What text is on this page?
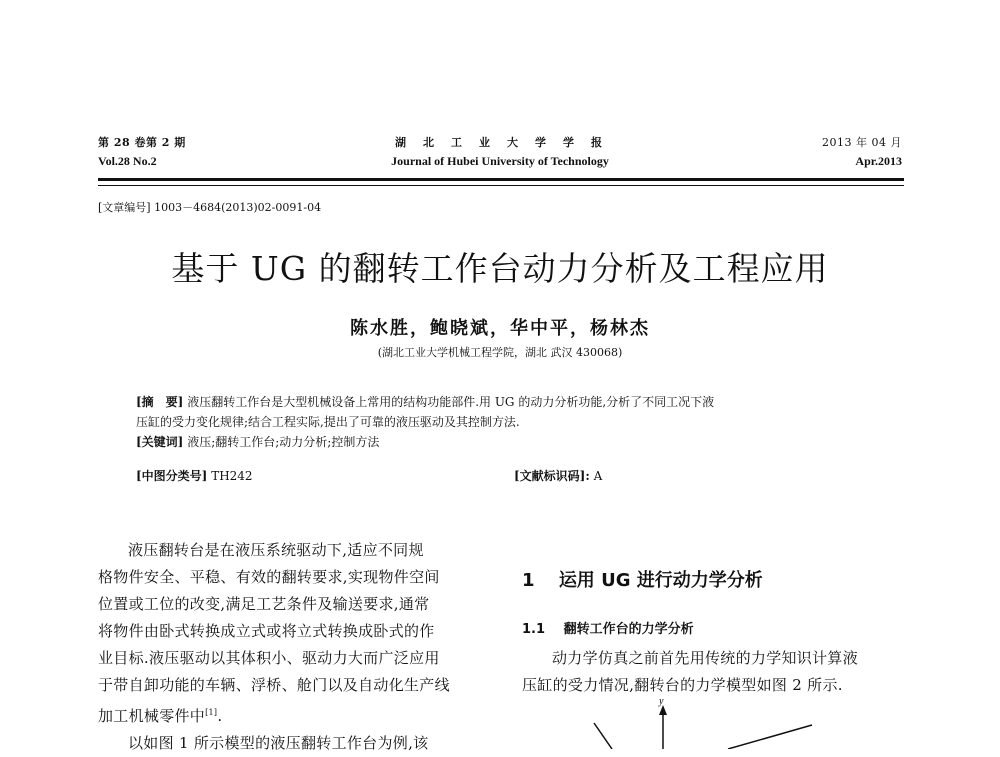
第 28 卷第 2 期
Vol.28 No.2
湖　北　工　业　大　学　学　报
Journal of Hubei University of Technology
2013 年 04 月
Apr.2013
[文章编号] 1003－4684(2013)02-0091-04
基于 UG 的翻转工作台动力分析及工程应用
陈水胜，鲍晓斌，华中平，杨林杰
(湖北工业大学机械工程学院，湖北 武汉 430068)
[摘　要] 液压翻转工作台是大型机械设备上常用的结构功能部件.用 UG 的动力分析功能,分析了不同工况下液
压缸的受力变化规律;结合工程实际,提出了可靠的液压驱动及其控制方法.
[关键词] 液压;翻转工作台;动力分析;控制方法
[中图分类号] TH242	[文献标识码]: A
液压翻转台是在液压系统驱动下,适应不同规
格物件安全、平稳、有效的翻转要求,实现物件空间
位置或工位的改变,满足工艺条件及输送要求,通常
将物件由卧式转换成立式或将立式转换成卧式的作
业目标.液压驱动以其体积小、驱动力大而广泛应用
于带自卸功能的车辆、浮桥、舱门以及自动化生产线
加工机械零件中[1].
以如图 1 所示模型的液压翻转工作台为例,该
1 运用 UG 进行动力学分析
1.1 翻转工作台的力学分析
动力学仿真之前首先用传统的力学知识计算液
压缸的受力情况,翻转台的力学模型如图 2 所示.
y
